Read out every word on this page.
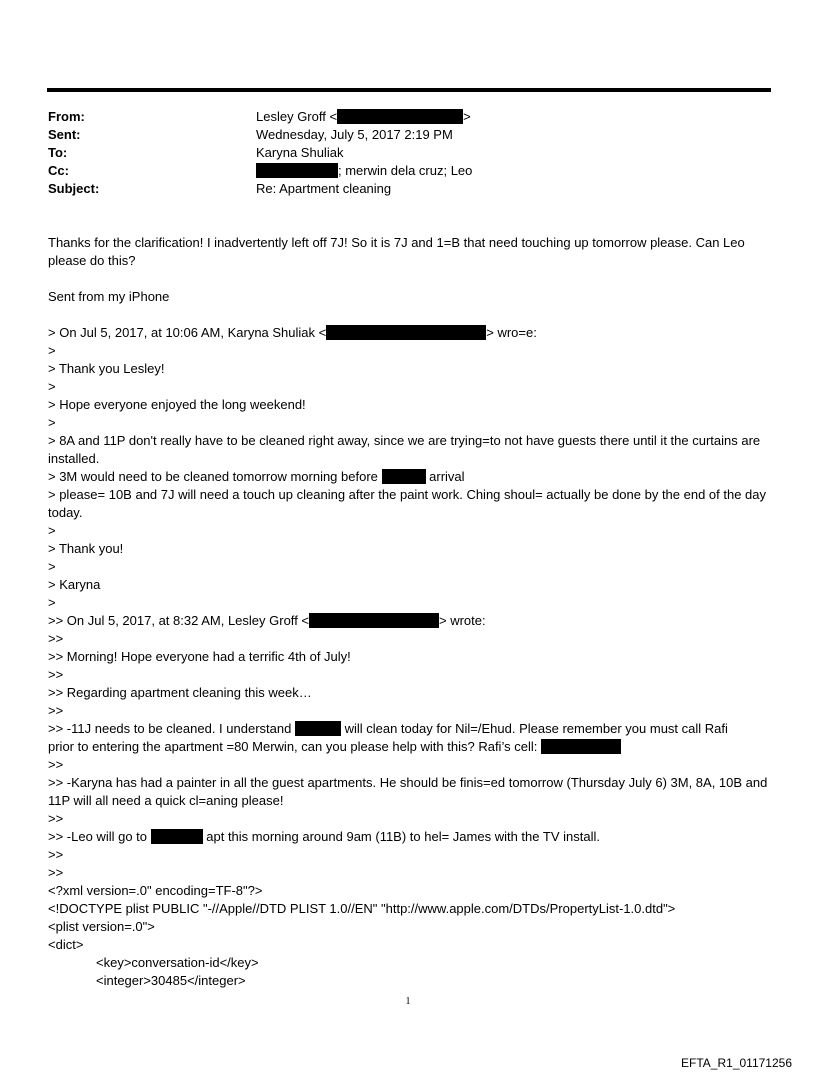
From:	Lesley Groff <	>
Sent:	Wednesday, July 5, 2017 2:19 PM
To:	Karyna Shuliak
Cc:	; merwin dela cruz; Leo
Subject:	Re: Apartment cleaning
Thanks for the clarification! I inadvertently left off 7J! So it is 7J and 1=B that need touching up tomorrow please. Can Leo please do this?
Sent from my iPhone
> On Jul 5, 2017, at 10:06 AM, Karyna Shuliak <	> wro=e:
>
> Thank you Lesley!
>
> Hope everyone enjoyed the long weekend!
>
> 8A and 11P don't really have to be cleaned right away, since we are trying=to not have guests there until it the curtains are installed.
> 3M would need to be cleaned tomorrow morning before	arrival
> please= 10B and 7J will need a touch up cleaning after the paint work. Ching shoul= actually be done by the end of the day today.
>
> Thank you!
>
> Karyna
>
>> On Jul 5, 2017, at 8:32 AM, Lesley Groff <	> wrote:
>>
>> Morning! Hope everyone had a terrific 4th of July!
>>
>> Regarding apartment cleaning this week…
>>
>> -11J needs to be cleaned. I understand	will clean today for Nil=/Ehud. Please remember you must call Rafi
prior to entering the apartment =80 Merwin, can you please help with this? Rafi’s cell:
>>
>> -Karyna has had a painter in all the guest apartments. He should be finis=ed tomorrow (Thursday July 6) 3M, 8A, 10B and 11P will all need a quick cl=aning please!
>>
>> -Leo will go to	apt this morning around 9am (11B) to hel= James with the TV install.
>>
>>
<?xml version=.0" encoding=TF-8"?>
<!DOCTYPE plist PUBLIC "-//Apple//DTD PLIST 1.0//EN" "http://www.apple.com/DTDs/PropertyList-1.0.dtd">
<plist version=.0">
<dict>
<key>conversation-id</key>
<integer>30485</integer>
1
EFTA_R1_01171256
